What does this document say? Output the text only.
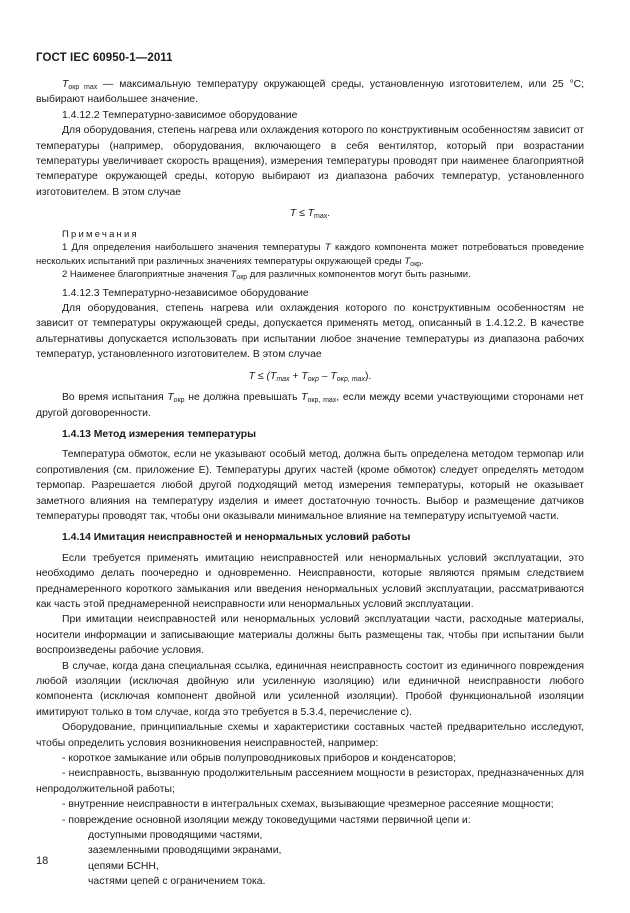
ГОСТ IEC 60950-1—2011

$T_{окр max}$ — максимальную температуру окружающей среды, установленную изготовителем, или 25 °С; выбирают наибольшее значение.

1.4.12.2 Температурно-зависимое оборудование

Для оборудования, степень нагрева или охлаждения которого по конструктивным особенностям зависит от температуры (например, оборудования, включающего в себя вентилятор, который при возрастании температуры увеличивает скорость вращения), измерения температуры проводят при наименее благоприятной температуре окружающей среды, которую выбирают из диапазона рабочих температур, установленного изготовителем. В этом случае

$T \le T_{max}$.

Примечания

1 Для определения наибольшего значения температуры T каждого компонента может потребоваться проведение нескольких испытаний при различных значениях температуры окружающей среды $T_{окр}$.

2 Наименее благоприятные значения $T_{окр}$ для различных компонентов могут быть разными.

1.4.12.3 Температурно-независимое оборудование

Для оборудования, степень нагрева или охлаждения которого по конструктивным особенностям не зависит от температуры окружающей среды, допускается применять метод, описанный в 1.4.12.2. В качестве альтернативы допускается использовать при испытании любое значение температуры из диапазона рабочих температур, установленного изготовителем. В этом случае

$T \le (T_{max} + T_{окр} - T_{окр, max})$.

Во время испытания $T_{окр}$ не должна превышать $T_{окр, max}$, если между всеми участвующими сторонами нет другой договоренности.

1.4.13 Метод измерения температуры

Температура обмоток, если не указывают особый метод, должна быть определена методом термопар или сопротивления (см. приложение Е). Температуры других частей (кроме обмоток) следует определять методом термопар. Разрешается любой другой подходящий метод измерения температуры, который не оказывает заметного влияния на температуру изделия и имеет достаточную точность. Выбор и размещение датчиков температуры проводят так, чтобы они оказывали минимальное влияние на температуру испытуемой части.

1.4.14 Имитация неисправностей и ненормальных условий работы

Если требуется применять имитацию неисправностей или ненормальных условий эксплуатации, это необходимо делать поочередно и одновременно. Неисправности, которые являются прямым следствием преднамеренного короткого замыкания или введения ненормальных условий эксплуатации, рассматриваются как часть этой преднамеренной неисправности или ненормальных условий эксплуатации.

При имитации неисправностей или ненормальных условий эксплуатации части, расходные материалы, носители информации и записывающие материалы должны быть размещены так, чтобы при испытании были воспроизведены рабочие условия.

В случае, когда дана специальная ссылка, единичная неисправность состоит из единичного повреждения любой изоляции (исключая двойную или усиленную изоляцию) или единичной неисправности любого компонента (исключая компонент двойной или усиленной изоляции). Пробой функциональной изоляции имитируют только в том случае, когда это требуется в 5.3.4, перечисление с).

Оборудование, принципиальные схемы и характеристики составных частей предварительно исследуют, чтобы определить условия возникновения неисправностей, например:

- короткое замыкание или обрыв полупроводниковых приборов и конденсаторов;

- неисправность, вызванную продолжительным рассеянием мощности в резисторах, предназначенных для непродолжительной работы;

- внутренние неисправности в интегральных схемах, вызывающие чрезмерное рассеяние мощности;

- повреждение основной изоляции между токоведущими частями первичной цепи и:

доступными проводящими частями,

заземленными проводящими экранами,

цепями БСНН,

частями цепей с ограничением тока.

18
